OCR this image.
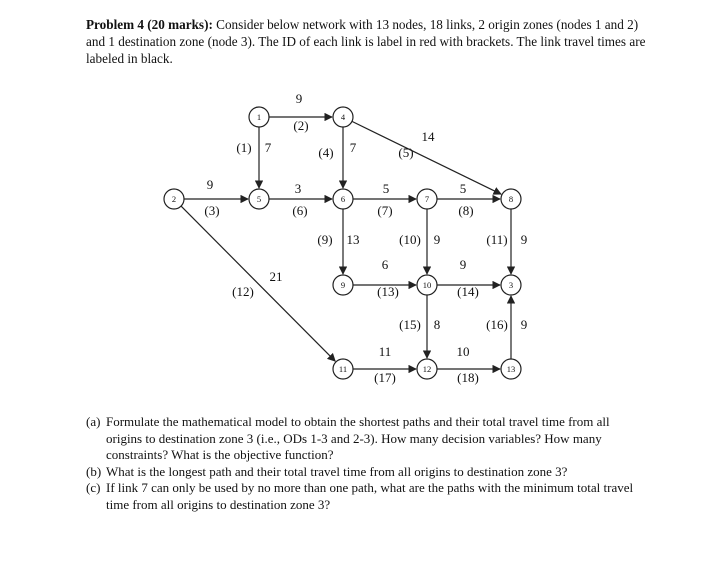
Problem 4 (20 marks): Consider below network with 13 nodes, 18 links, 2 origin zones (nodes 1 and 2) and 1 destination zone (node 3). The ID of each link is label in red with brackets. The link travel times are labeled in black.
1
2
3
4
5	6	7	8
9	10
11	12	13
7
(1)
9
(2)
9
(3)
7
(4)
14
(5)
3
(6)
5
(7)
5
(8)
13
(9)	9
(10)	9
(11)
21
(12)
6
(13)
9
(14)
8
(15)	9
(16)
11
(17)
10
(18)
(a) Formulate the mathematical model to obtain the shortest paths and their total travel time from all origins to destination zone 3 (i.e., ODs 1-3 and 2-3). How many decision variables? How many constraints? What is the objective function?
(b) What is the longest path and their total travel time from all origins to destination zone 3?
(c) If link 7 can only be used by no more than one path, what are the paths with the minimum total travel time from all origins to destination zone 3?
